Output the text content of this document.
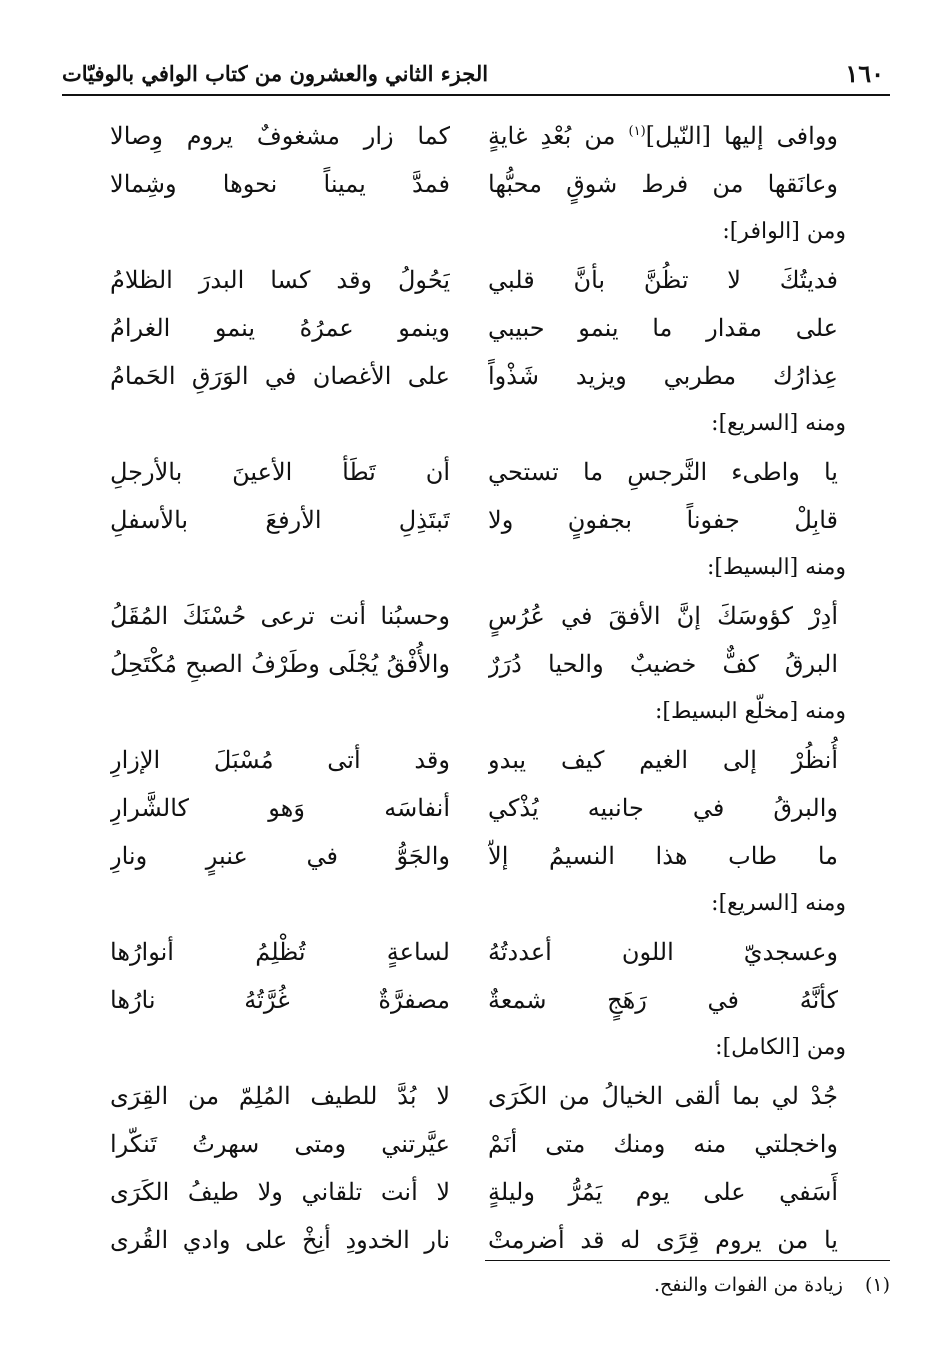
١٦٠
الجزء الثاني والعشرون من كتاب الوافي بالوفيّات
ووافى إليها [النّيل]$^{(١)}$ من بُعْدِ غايةٍ
كما زار مشغوفٌ يروم وِصالا
وعانَقها من فرط شوقٍ محبُّها
فمدَّ يميناً نحوها وشِمالا
ومن [الوافر]:
فديتُكَ لا تظُنَّ بأنَّ قلبي
يَحُولُ وقد كسا البدرَ الظلامُ
على مقدار ما ينمو حبيبي
وينمو عمرُهُ ينمو الغرامُ
عِذارُك مطربي ويزيد شَذْواً
على الأغصان في الوَرَقِ الحَمامُ
ومنه [السريع]:
يا واطىء النَّرجسِ ما تستحي
أن تَطَأ الأعينَ بالأرجلِ
قابِلْ جفوناً بجفونٍ ولا
تَبتَذِلِ الأرفعَ بالأسفلِ
ومنه [البسيط]:
أدِرْ كؤوسَكَ إنَّ الأفقَ في عُرُسٍ
وحسبُنا أنت ترعى حُسْنَكَ المُقَلُ
البرقُ كفٌّ خضيبٌ والحيا دُرَرٌ
والأُفْقُ يُجْلَى وطَرْفُ الصبحِ مُكْتَحِلُ
ومنه [مخلّع البسيط]:
أُنظُرْ إلى الغيم كيف يبدو
وقد أتى مُسْبَلَ الإزارِ
والبرقُ في جانبيه يُذْكي
أنفاسَه وَهو كالشَّرارِ
ما طاب هذا النسيمُ إلاّ
والجَوُّ في عنبرٍ ونارِ
ومنه [السريع]:
وعسجديّ اللون أعددتُهُ
لساعةٍ تُظْلِمُ أنوارُها
كأنَّهُ في رَهَجٍ شمعةٌ
مصفرَّةٌ غُرَّتُهُ نارُها
ومن [الكامل]:
جُدْ لي بما ألقى الخيالُ من الكَرَى
لا بُدَّ للطيف المُلِمّ من القِرَى
واخجلتي منه ومنك متى أنَمْ
عيَّرتني ومتى سهرتُ تَنكّرا
أَسَفي على يوم يَمُرُّ وليلةٍ
لا أنت تلقاني ولا طيفُ الكَرَى
يا من يروم قِرًى له قد أضرمتْ
نار الخدودِ أنِخْ على وادي القُرى
(١)
زيادة من الفوات والنفح.
